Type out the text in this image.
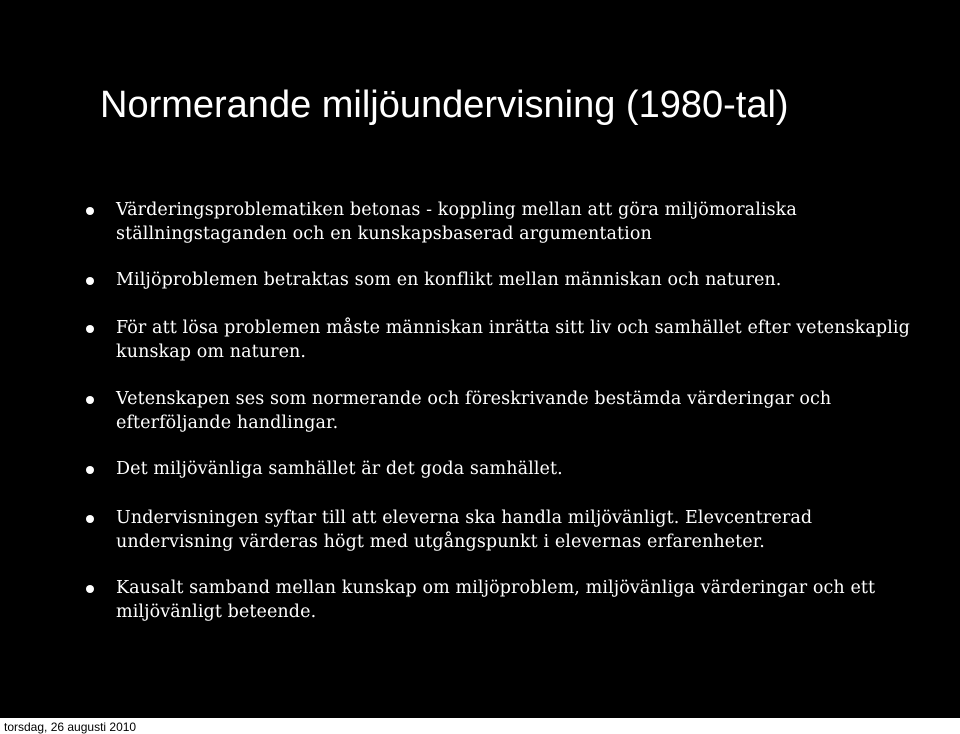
Normerande miljöundervisning (1980-tal)
Värderingsproblematiken betonas - koppling mellan att göra miljömoraliska ställningstaganden och en kunskapsbaserad argumentation
Miljöproblemen betraktas som en konflikt mellan människan och naturen.
För att lösa problemen måste människan inrätta sitt liv och samhället efter vetenskaplig kunskap om naturen.
Vetenskapen ses som normerande och föreskrivande bestämda värderingar och efterföljande handlingar.
Det miljövänliga samhället är det goda samhället.
Undervisningen syftar till att eleverna ska handla miljövänligt. Elevcentrerad undervisning värderas högt med utgångspunkt i elevernas erfarenheter.
Kausalt samband mellan kunskap om miljöproblem, miljövänliga värderingar och ett miljövänligt beteende.
torsdag, 26 augusti 2010
